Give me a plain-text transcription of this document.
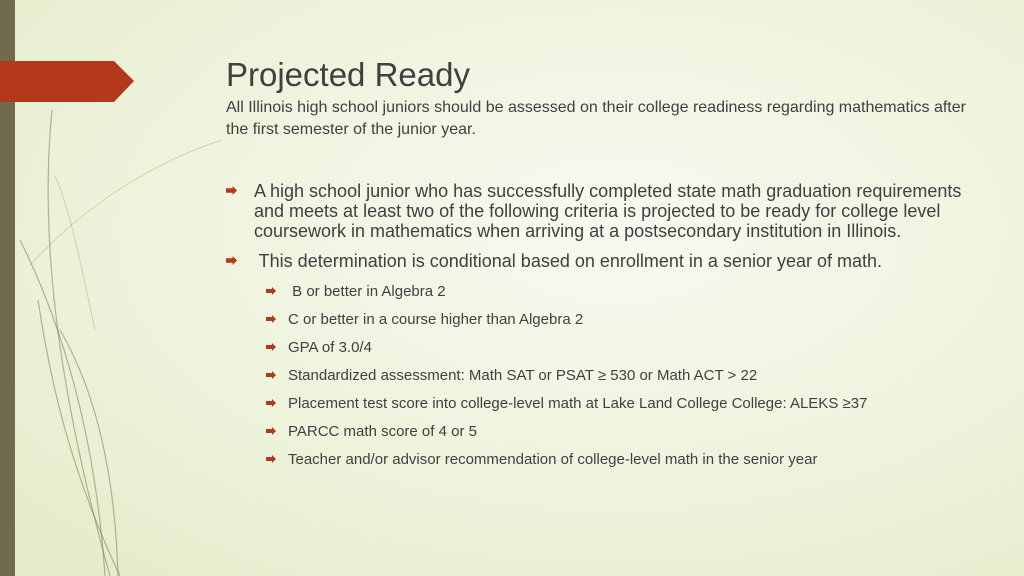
Projected Ready

All Illinois high school juniors should be assessed on their college readiness regarding mathematics after the first semester of the junior year.

A high school junior who has successfully completed state math graduation requirements and meets at least two of the following criteria is projected to be ready for college level coursework in mathematics when arriving at a postsecondary institution in Illinois.
This determination is conditional based on enrollment in a senior year of math.
B or better in Algebra 2
C or better in a course higher than Algebra 2
GPA of 3.0/4
Standardized assessment: Math SAT or PSAT ≥ 530 or Math ACT > 22
Placement test score into college-level math at Lake Land College College: ALEKS ≥37
PARCC math score of 4 or 5
Teacher and/or advisor recommendation of college-level math in the senior year
